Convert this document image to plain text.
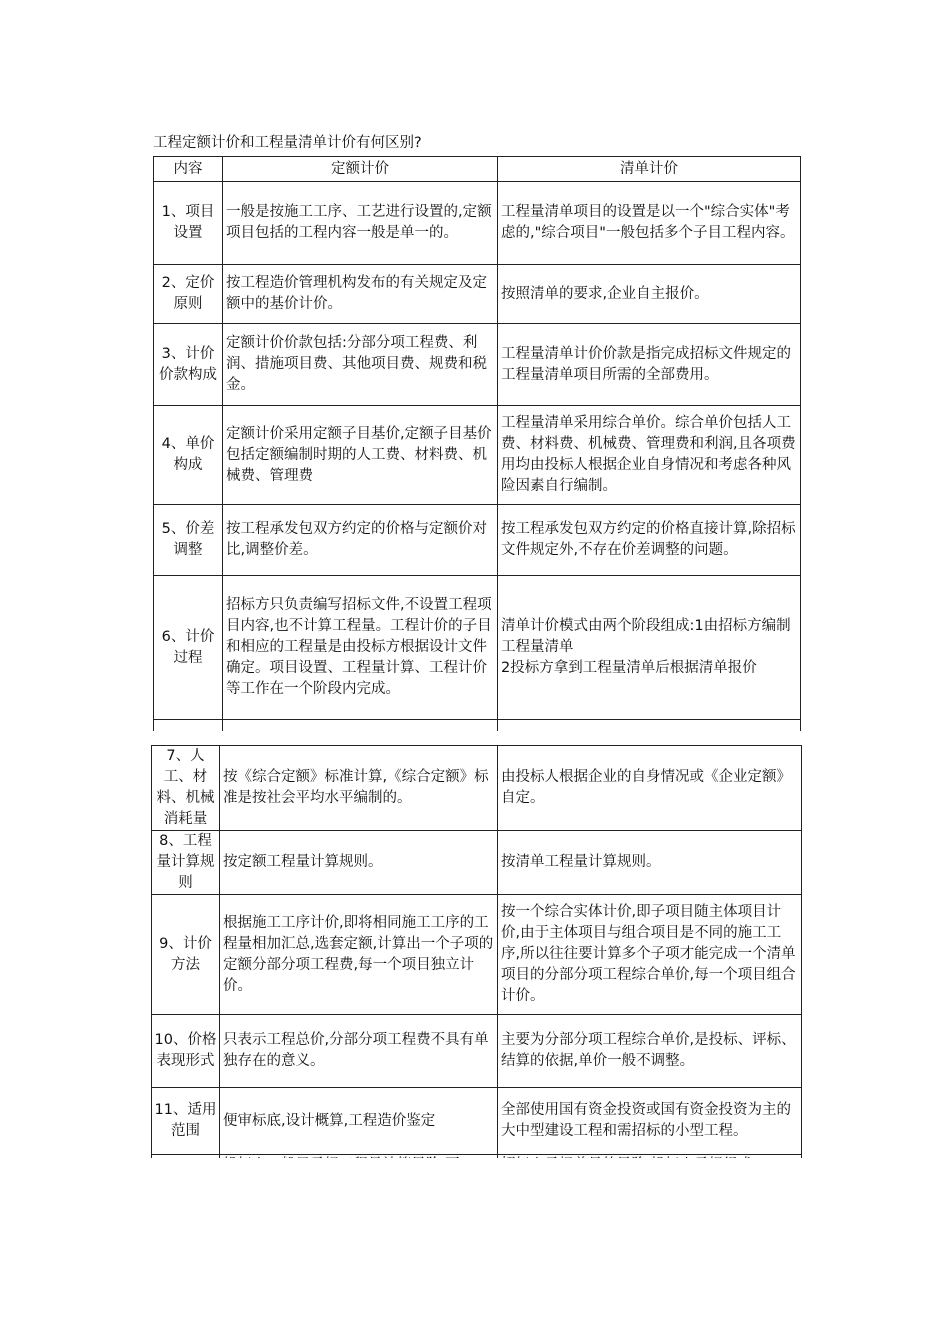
工程定额计价和工程量清单计价有何区别?
内容	定额计价	清单计价
1、项目设置	一般是按施工工序、工艺进行设置的,定额项目包括的工程内容一般是单一的。	工程量清单项目的设置是以一个"综合实体"考虑的,"综合项目"一般包括多个子目工程内容。
2、定价原则	按工程造价管理机构发布的有关规定及定额中的基价计价。	按照清单的要求,企业自主报价。
3、计价价款构成	定额计价价款包括:分部分项工程费、利润、措施项目费、其他项目费、规费和税金。	工程量清单计价价款是指完成招标文件规定的工程量清单项目所需的全部费用。
4、单价构成	定额计价采用定额子目基价,定额子目基价包括定额编制时期的人工费、材料费、机械费、管理费	工程量清单采用综合单价。综合单价包括人工费、材料费、机械费、管理费和利润,且各项费用均由投标人根据企业自身情况和考虑各种风险因素自行编制。
5、价差调整	按工程承发包双方约定的价格与定额价对比,调整价差。	按工程承发包双方约定的价格直接计算,除招标文件规定外,不存在价差调整的问题。
6、计价过程	招标方只负责编写招标文件,不设置工程项目内容,也不计算工程量。工程计价的子目和相应的工程量是由投标方根据设计文件确定。项目设置、工程量计算、工程计价等工作在一个阶段内完成。	清单计价模式由两个阶段组成:1由招标方编制工程量清单
2投标方拿到工程量清单后根据清单报价

7、人工、材料、机械消耗量	按《综合定额》标准计算,《综合定额》标准是按社会平均水平编制的。	由投标人根据企业的自身情况或《企业定额》自定。
8、工程量计算规则	按定额工程量计算规则。	按清单工程量计算规则。
9、计价方法	根据施工工序计价,即将相同施工工序的工程量相加汇总,选套定额,计算出一个子项的定额分部分项工程费,每一个项目独立计价。	按一个综合实体计价,即子项目随主体项目计价,由于主体项目与组合项目是不同的施工工序,所以往往要计算多个子项才能完成一个清单项目的分部分项工程综合单价,每一个项目组合计价。
10、价格表现形式	只表示工程总价,分部分项工程费不具有单独存在的意义。	主要为分部分项工程综合单价,是投标、评标、结算的依据,单价一般不调整。
11、适用范围	便审标底,设计概算,工程造价鉴定	全部使用国有资金投资或国有资金投资为主的大中型建设工程和需招标的小型工程。
